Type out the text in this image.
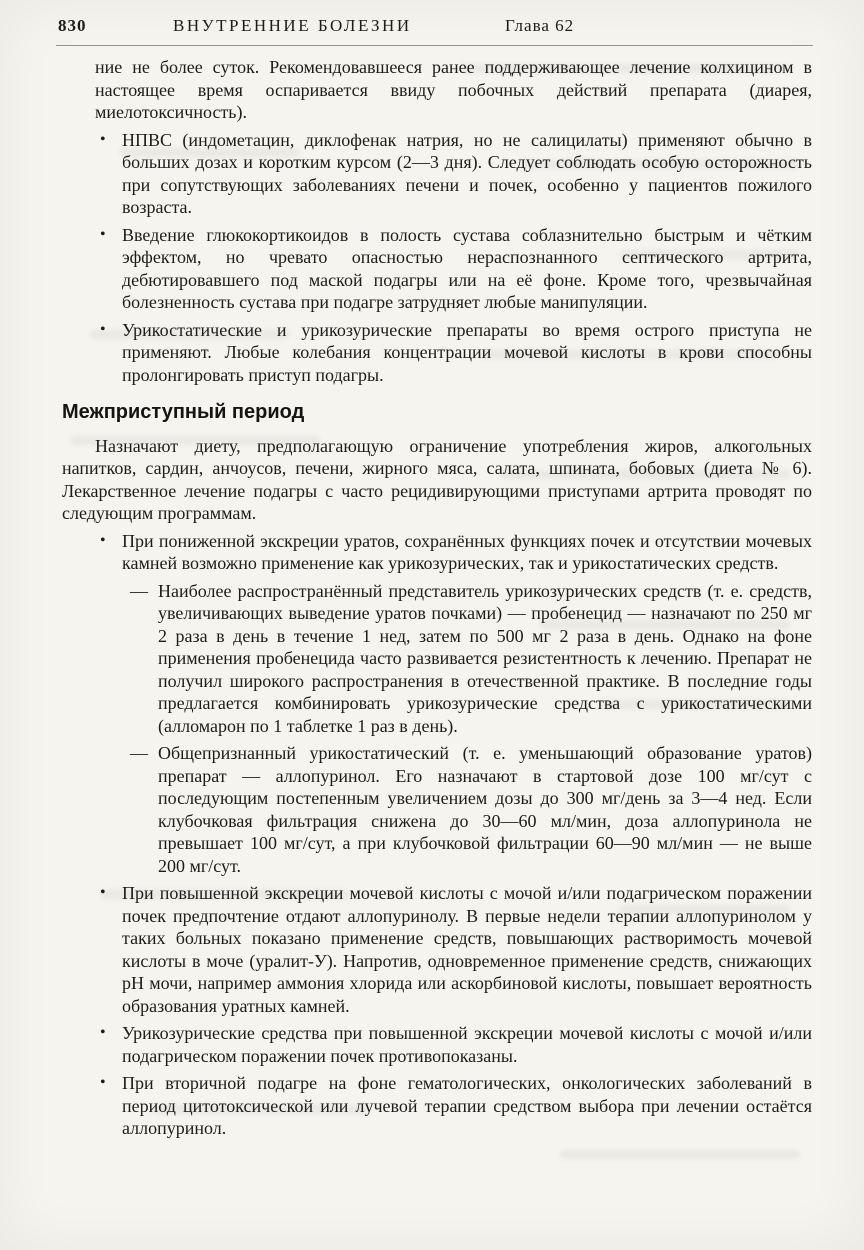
830	ВНУТРЕННИЕ БОЛЕЗНИ	Глава 62

ние не более суток. Рекомендовавшееся ранее поддерживающее лечение колхицином в настоящее время оспаривается ввиду побочных действий препарата (диарея, миелотоксичность).

• НПВС (индометацин, диклофенак натрия, но не салицилаты) применяют обычно в больших дозах и коротким курсом (2—3 дня). Следует соблюдать особую осторожность при сопутствующих заболеваниях печени и почек, особенно у пациентов пожилого возраста.
• Введение глюкокортикоидов в полость сустава соблазнительно быстрым и чётким эффектом, но чревато опасностью нераспознанного септического артрита, дебютировавшего под маской подагры или на её фоне. Кроме того, чрезвычайная болезненность сустава при подагре затрудняет любые манипуляции.
• Урикостатические и урикозурические препараты во время острого приступа не применяют. Любые колебания концентрации мочевой кислоты в крови способны пролонгировать приступ подагры.
Межприступный период

Назначают диету, предполагающую ограничение употребления жиров, алкогольных напитков, сардин, анчоусов, печени, жирного мяса, салата, шпината, бобовых (диета № 6). Лекарственное лечение подагры с часто рецидивирующими приступами артрита проводят по следующим программам.

• При пониженной экскреции уратов, сохранённых функциях почек и отсутствии мочевых камней возможно применение как урикозурических, так и урикостатических средств.
— Наиболее распространённый представитель урикозурических средств (т. е. средств, увеличивающих выведение уратов почками) — пробенецид — назначают по 250 мг 2 раза в день в течение 1 нед, затем по 500 мг 2 раза в день. Однако на фоне применения пробенецида часто развивается резистентность к лечению. Препарат не получил широкого распространения в отечественной практике. В последние годы предлагается комбинировать урикозурические средства с урикостатическими (алломарон по 1 таблетке 1 раз в день).
— Общепризнанный урикостатический (т. е. уменьшающий образование уратов) препарат — аллопуринол. Его назначают в стартовой дозе 100 мг/сут с последующим постепенным увеличением дозы до 300 мг/день за 3—4 нед. Если клубочковая фильтрация снижена до 30—60 мл/мин, доза аллопуринола не превышает 100 мг/сут, а при клубочковой фильтрации 60—90 мл/мин — не выше 200 мг/сут.
• При повышенной экскреции мочевой кислоты с мочой и/или подагрическом поражении почек предпочтение отдают аллопуринолу. В первые недели терапии аллопуринолом у таких больных показано применение средств, повышающих растворимость мочевой кислоты в моче (уралит-У). Напротив, одновременное применение средств, снижающих pH мочи, например аммония хлорида или аскорбиновой кислоты, повышает вероятность образования уратных камней.
• Урикозурические средства при повышенной экскреции мочевой кислоты с мочой и/или подагрическом поражении почек противопоказаны.
• При вторичной подагре на фоне гематологических, онкологических заболеваний в период цитотоксической или лучевой терапии средством выбора при лечении остаётся аллопуринол.
